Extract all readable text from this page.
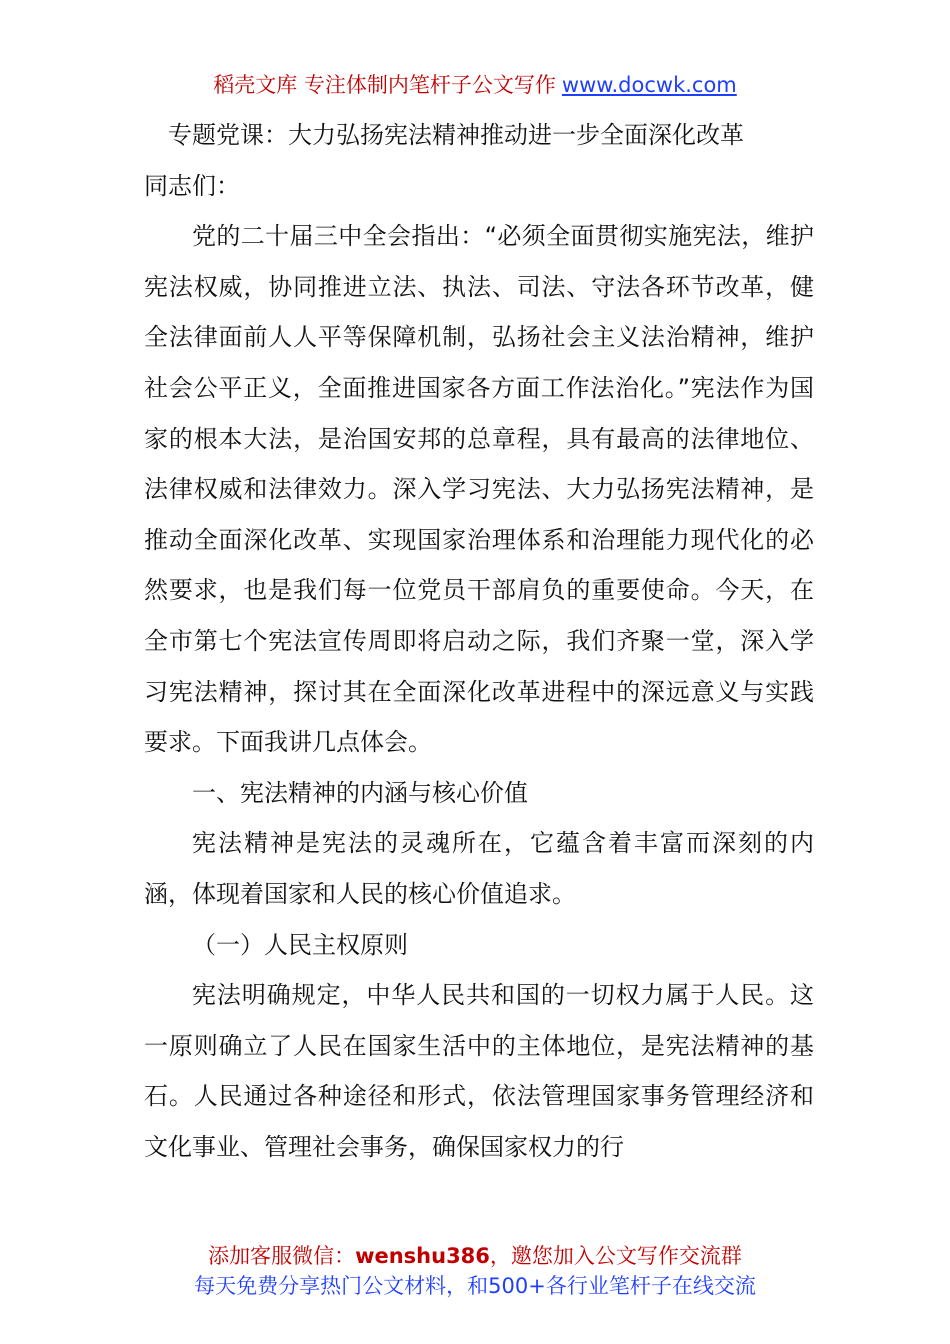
稻壳文库 专注体制内笔杆子公文写作 www.docwk.com

专题党课：大力弘扬宪法精神推动进一步全面深化改革

同志们：

党的二十届三中全会指出：“必须全面贯彻实施宪法，维护宪法权威，协同推进立法、执法、司法、守法各环节改革，健全法律面前人人平等保障机制，弘扬社会主义法治精神，维护社会公平正义，全面推进国家各方面工作法治化。”宪法作为国家的根本大法，是治国安邦的总章程，具有最高的法律地位、法律权威和法律效力。深入学习宪法、大力弘扬宪法精神，是推动全面深化改革、实现国家治理体系和治理能力现代化的必然要求，也是我们每一位党员干部肩负的重要使命。今天，在全市第七个宪法宣传周即将启动之际，我们齐聚一堂，深入学习宪法精神，探讨其在全面深化改革进程中的深远意义与实践要求。下面我讲几点体会。

一、宪法精神的内涵与核心价值

宪法精神是宪法的灵魂所在，它蕴含着丰富而深刻的内涵，体现着国家和人民的核心价值追求。

（一）人民主权原则

宪法明确规定，中华人民共和国的一切权力属于人民。这一原则确立了人民在国家生活中的主体地位，是宪法精神的基石。人民通过各种途径和形式，依法管理国家事务管理经济和文化事业、管理社会事务，确保国家权力的行

添加客服微信：wenshu386，邀您加入公文写作交流群
每天免费分享热门公文材料，和500+各行业笔杆子在线交流
